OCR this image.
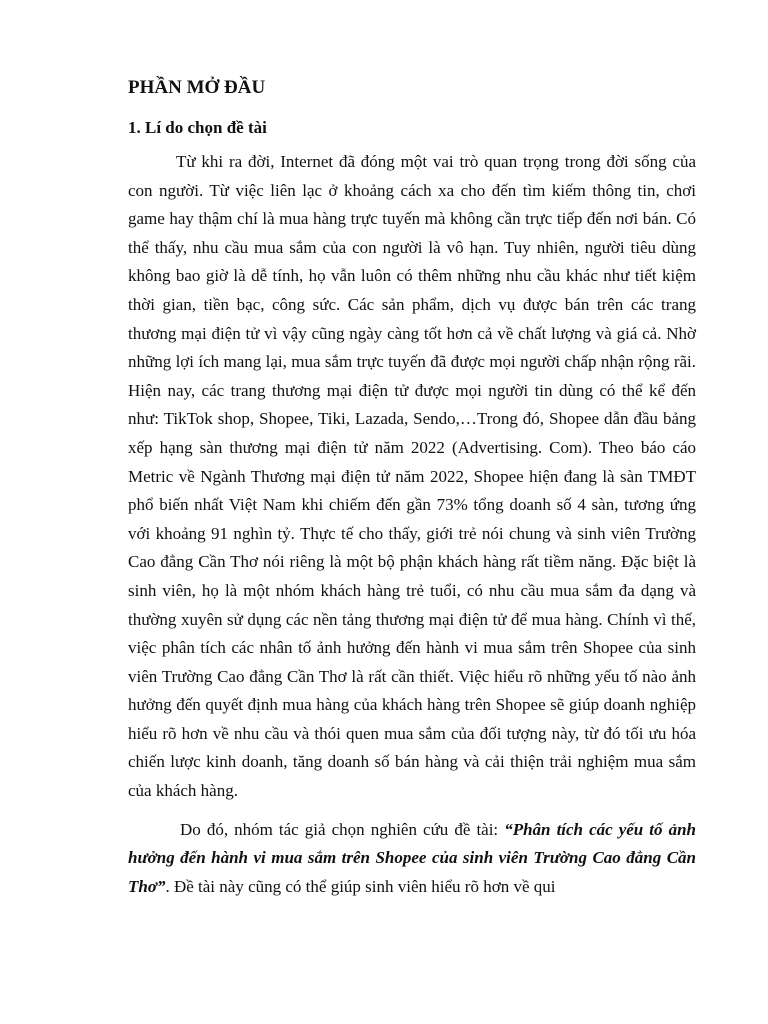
PHẦN MỞ ĐẦU
1. Lí do chọn đề tài

Từ khi ra đời, Internet đã đóng một vai trò quan trọng trong đời sống của con người. Từ việc liên lạc ở khoảng cách xa cho đến tìm kiếm thông tin, chơi game hay thậm chí là mua hàng trực tuyến mà không cần trực tiếp đến nơi bán. Có thể thấy, nhu cầu mua sắm của con người là vô hạn. Tuy nhiên, người tiêu dùng không bao giờ là dễ tính, họ vẫn luôn có thêm những nhu cầu khác như tiết kiệm thời gian, tiền bạc, công sức. Các sản phẩm, dịch vụ được bán trên các trang thương mại điện tử vì vậy cũng ngày càng tốt hơn cả về chất lượng và giá cả. Nhờ những lợi ích mang lại, mua sắm trực tuyến đã được mọi người chấp nhận rộng rãi. Hiện nay, các trang thương mại điện tử được mọi người tin dùng có thể kể đến như: TikTok shop, Shopee, Tiki, Lazada, Sendo,…Trong đó, Shopee dẫn đầu bảng xếp hạng sàn thương mại điện tử năm 2022 (Advertising. Com). Theo báo cáo Metric về Ngành Thương mại điện tử năm 2022, Shopee hiện đang là sàn TMĐT phổ biến nhất Việt Nam khi chiếm đến gần 73% tổng doanh số 4 sàn, tương ứng với khoảng 91 nghìn tỷ. Thực tế cho thấy, giới trẻ nói chung và sinh viên Trường Cao đẳng Cần Thơ nói riêng là một bộ phận khách hàng rất tiềm năng. Đặc biệt là sinh viên, họ là một nhóm khách hàng trẻ tuổi, có nhu cầu mua sắm đa dạng và thường xuyên sử dụng các nền tảng thương mại điện tử để mua hàng. Chính vì thế, việc phân tích các nhân tố ảnh hưởng đến hành vi mua sắm trên Shopee của sinh viên Trường Cao đẳng Cần Thơ là rất cần thiết. Việc hiểu rõ những yếu tố nào ảnh hưởng đến quyết định mua hàng của khách hàng trên Shopee sẽ giúp doanh nghiệp hiểu rõ hơn về nhu cầu và thói quen mua sắm của đối tượng này, từ đó tối ưu hóa chiến lược kinh doanh, tăng doanh số bán hàng và cải thiện trải nghiệm mua sắm của khách hàng.

Do đó, nhóm tác giả chọn nghiên cứu đề tài: “Phân tích các yếu tố ảnh hưởng đến hành vi mua sắm trên Shopee của sinh viên Trường Cao đẳng Cần Thơ”. Đề tài này cũng có thể giúp sinh viên hiểu rõ hơn về qui
